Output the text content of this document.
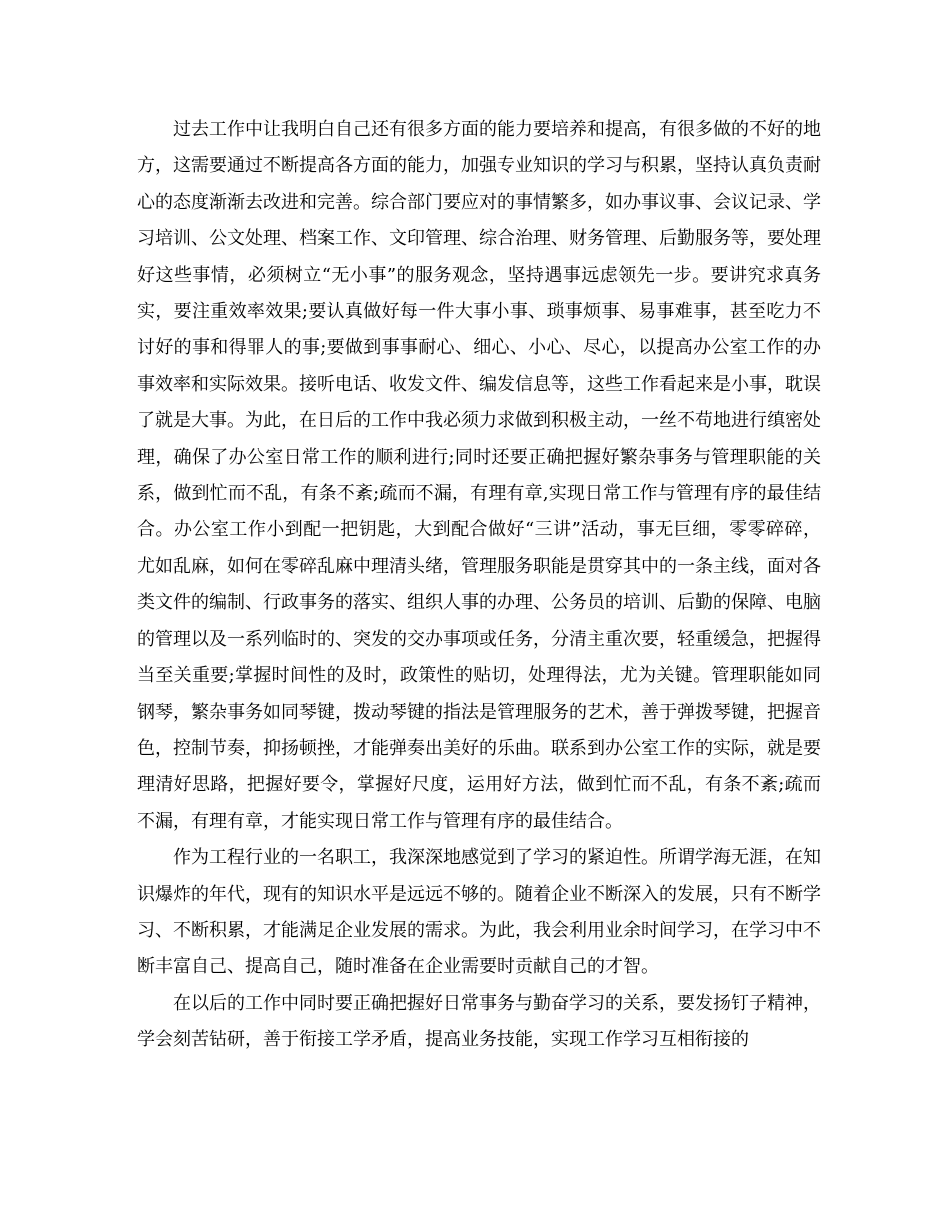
过去工作中让我明白自己还有很多方面的能力要培养和提高，有很多做的不好的地方，这需要通过不断提高各方面的能力，加强专业知识的学习与积累，坚持认真负责耐心的态度渐渐去改进和完善。综合部门要应对的事情繁多，如办事议事、会议记录、学习培训、公文处理、档案工作、文印管理、综合治理、财务管理、后勤服务等，要处理好这些事情，必须树立“无小事”的服务观念，坚持遇事远虑领先一步。要讲究求真务实，要注重效率效果;要认真做好每一件大事小事、琐事烦事、易事难事，甚至吃力不讨好的事和得罪人的事;要做到事事耐心、细心、小心、尽心，以提高办公室工作的办事效率和实际效果。接听电话、收发文件、编发信息等，这些工作看起来是小事，耽误了就是大事。为此，在日后的工作中我必须力求做到积极主动，一丝不苟地进行缜密处理，确保了办公室日常工作的顺利进行;同时还要正确把握好繁杂事务与管理职能的关系，做到忙而不乱，有条不紊;疏而不漏，有理有章,实现日常工作与管理有序的最佳结合。办公室工作小到配一把钥匙，大到配合做好“三讲”活动，事无巨细，零零碎碎，尤如乱麻，如何在零碎乱麻中理清头绪，管理服务职能是贯穿其中的一条主线，面对各类文件的编制、行政事务的落实、组织人事的办理、公务员的培训、后勤的保障、电脑的管理以及一系列临时的、突发的交办事项或任务，分清主重次要，轻重缓急，把握得当至关重要;掌握时间性的及时，政策性的贴切，处理得法，尤为关键。管理职能如同钢琴，繁杂事务如同琴键，拨动琴键的指法是管理服务的艺术，善于弹拨琴键，把握音色，控制节奏，抑扬顿挫，才能弹奏出美好的乐曲。联系到办公室工作的实际，就是要理清好思路，把握好要令，掌握好尺度，运用好方法，做到忙而不乱，有条不紊;疏而不漏，有理有章，才能实现日常工作与管理有序的最佳结合。

作为工程行业的一名职工，我深深地感觉到了学习的紧迫性。所谓学海无涯，在知识爆炸的年代，现有的知识水平是远远不够的。随着企业不断深入的发展，只有不断学习、不断积累，才能满足企业发展的需求。为此，我会利用业余时间学习，在学习中不断丰富自己、提高自己，随时准备在企业需要时贡献自己的才智。

在以后的工作中同时要正确把握好日常事务与勤奋学习的关系，要发扬钉子精神，学会刻苦钻研，善于衔接工学矛盾，提高业务技能，实现工作学习互相衔接的
